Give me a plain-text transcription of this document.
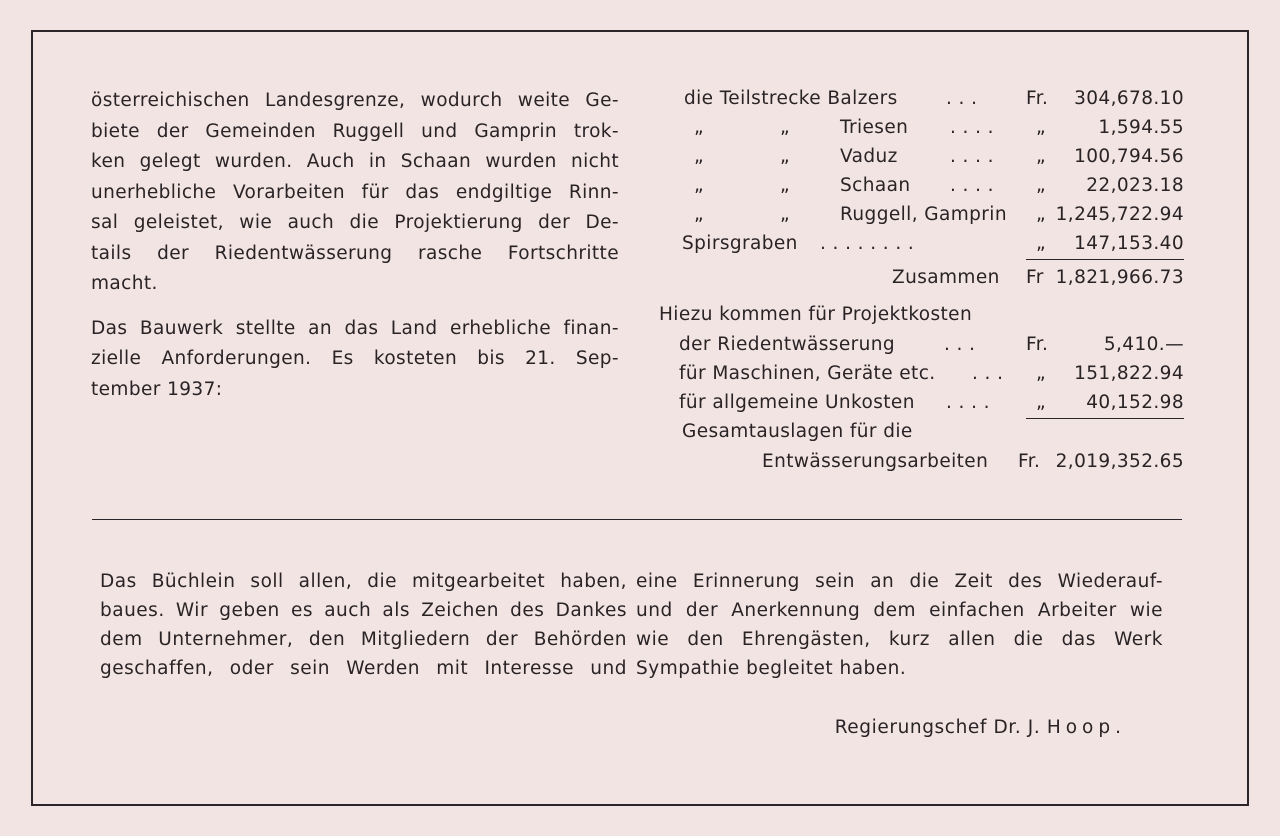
österreichischen Landesgrenze, wodurch weite Ge-

biete der Gemeinden Ruggell und Gamprin trok-

ken gelegt wurden. Auch in Schaan wurden nicht

unerhebliche Vorarbeiten für das endgiltige Rinn-

sal geleistet, wie auch die Projektierung der De-

tails der Riedentwässerung rasche Fortschritte

macht.

Das Bauwerk stellte an das Land erhebliche finan-

zielle Anforderungen. Es kosteten bis 21. Sep-

tember 1937:

die Teilstrecke Balzers	. . .	Fr.	304,678.10
„	„	Triesen . . . . „	1,594.55
„	„	Vaduz	. . . . „	100,794.56
„	„	Schaan . . . . „	22,023.18
„	„	Ruggell, Gamprin „ 1,245,722.94
Spirsgraben . . . . . . . .	„	147,153.40
Zusammen Fr 1,821,966.73
Hiezu kommen für Projektkosten
der Riedentwässerung	. . .	Fr.	5,410.—
für Maschinen, Geräte etc. . . . „	151,822.94
für allgemeine Unkosten . . . . „	40,152.98
Gesamtauslagen für die
Entwässerungsarbeiten Fr. 2,019,352.65

Das Büchlein soll allen, die mitgearbeitet haben,

baues. Wir geben es auch als Zeichen des Dankes

dem Unternehmer, den Mitgliedern der Behörden

geschaffen, oder sein Werden mit Interesse und

eine Erinnerung sein an die Zeit des Wiederauf-

und der Anerkennung dem einfachen Arbeiter wie

wie den Ehrengästen, kurz allen die das Werk

Sympathie begleitet haben.

Regierungschef Dr. J. Hoop.
